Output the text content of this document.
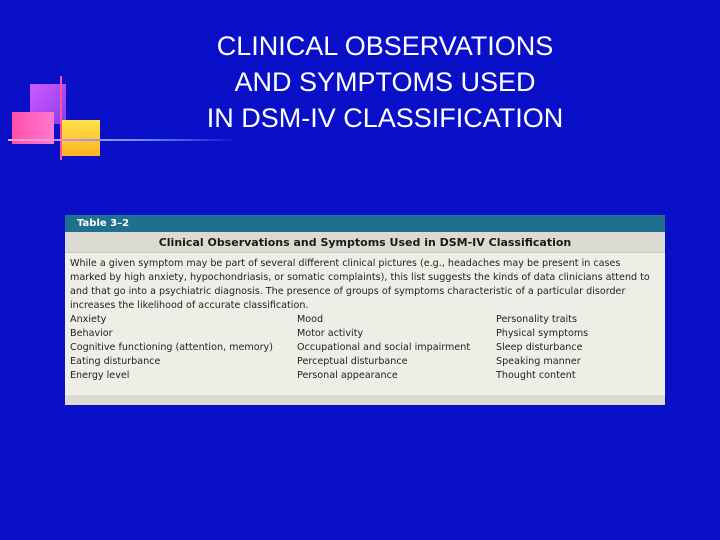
CLINICAL OBSERVATIONS
AND SYMPTOMS USED
IN DSM-IV CLASSIFICATION
Table 3–2
Clinical Observations and Symptoms Used in DSM-IV Classification
While a given symptom may be part of several different clinical pictures (e.g., headaches may be present in cases marked by high anxiety, hypochondriasis, or somatic complaints), this list suggests the kinds of data clinicians attend to and that go into a psychiatric diagnosis. The presence of groups of symptoms characteristic of a particular disorder increases the likelihood of accurate classification.
Anxiety	Mood	Personality traits
Behavior	Motor activity	Physical symptoms
Cognitive functioning (attention, memory)	Occupational and social impairment	Sleep disturbance
Eating disturbance	Perceptual disturbance	Speaking manner
Energy level	Personal appearance	Thought content
